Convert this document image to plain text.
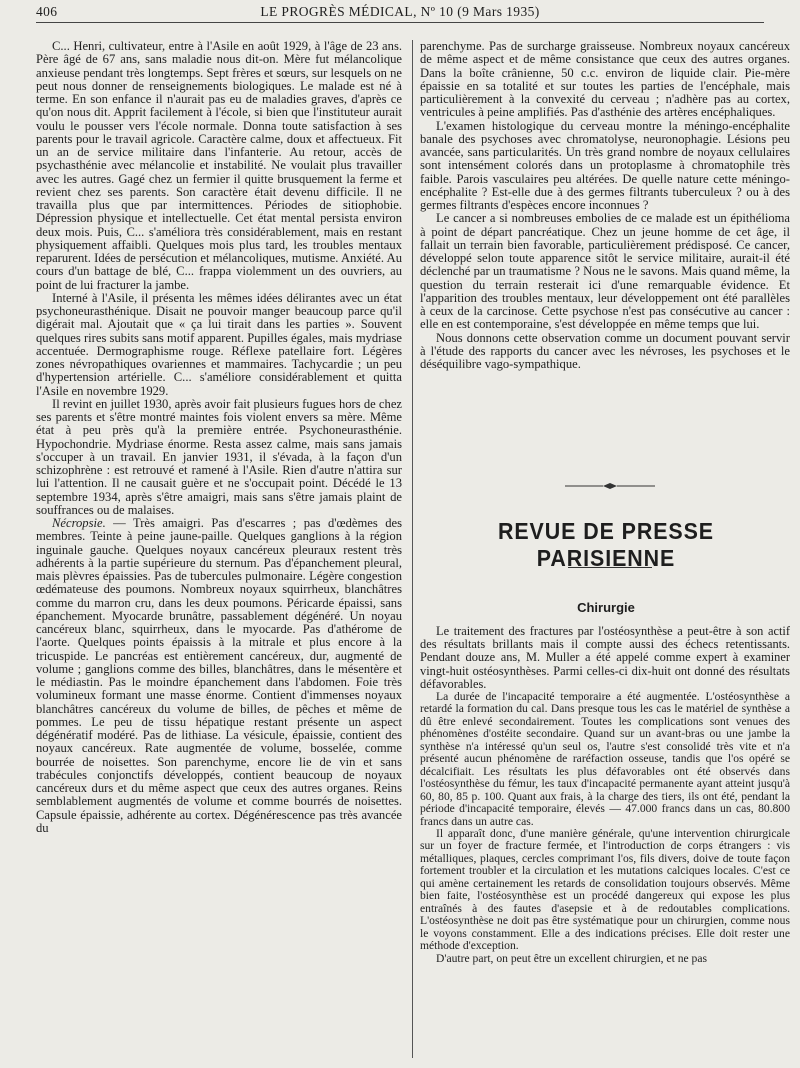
406	LE PROGRÈS MÉDICAL, Nº 10 (9 Mars 1935)

C... Henri, cultivateur, entre à l'Asile en août 1929, à l'âge de 23 ans. Père âgé de 67 ans, sans maladie nous dit-on. Mère fut mélancolique anxieuse pendant très longtemps. Sept frères et sœurs, sur lesquels on ne peut nous donner de renseignements biologiques. Le malade est né à terme. En son enfance il n'aurait pas eu de maladies graves, d'après ce qu'on nous dit. Apprit facilement à l'école, si bien que l'instituteur aurait voulu le pousser vers l'école normale. Donna toute satisfaction à ses parents pour le travail agricole. Caractère calme, doux et affectueux. Fit un an de service militaire dans l'infanterie. Au retour, accès de psychasthénie avec mélancolie et instabilité. Ne voulait plus travailler avec les autres. Gagé chez un fermier il quitte brusquement la ferme et revient chez ses parents. Son caractère était devenu difficile. Il ne travailla plus que par intermittences. Périodes de sitiophobie. Dépression physique et intellectuelle. Cet état mental persista environ deux mois. Puis, C... s'améliora très considérablement, mais en restant physiquement affaibli. Quelques mois plus tard, les troubles mentaux reparurent. Idées de persécution et mélancoliques, mutisme. Anxiété. Au cours d'un battage de blé, C... frappa violemment un des ouvriers, au point de lui fracturer la jambe.

Interné à l'Asile, il présenta les mêmes idées délirantes avec un état psychoneurasthénique. Disait ne pouvoir manger beaucoup parce qu'il digérait mal. Ajoutait que « ça lui tirait dans les parties ». Souvent quelques rires subits sans motif apparent. Pupilles égales, mais mydriase accentuée. Dermographisme rouge. Réflexe patellaire fort. Légères zones névropathiques ovariennes et mammaires. Tachycardie ; un peu d'hypertension artérielle. C... s'améliore considérablement et quitta l'Asile en novembre 1929.

Il revint en juillet 1930, après avoir fait plusieurs fugues hors de chez ses parents et s'être montré maintes fois violent envers sa mère. Même état à peu près qu'à la première entrée. Psychoneurasthénie. Hypochondrie. Mydriase énorme. Resta assez calme, mais sans jamais s'occuper à un travail. En janvier 1931, il s'évada, à la façon d'un schizophrène : est retrouvé et ramené à l'Asile. Rien d'autre n'attira sur lui l'attention. Il ne causait guère et ne s'occupait point. Décédé le 13 septembre 1934, après s'être amaigri, mais sans s'être jamais plaint de souffrances ou de malaises.

Nécropsie. — Très amaigri. Pas d'escarres ; pas d'œdèmes des membres. Teinte à peine jaune-paille. Quelques ganglions à la région inguinale gauche. Quelques noyaux cancéreux pleuraux restent très adhérents à la partie supérieure du sternum. Pas d'épanchement pleural, mais plèvres épaissies. Pas de tubercules pulmonaire. Légère congestion œdémateuse des poumons. Nombreux noyaux squirrheux, blanchâtres comme du marron cru, dans les deux poumons. Péricarde épaissi, sans épanchement. Myocarde brunâtre, passablement dégénéré. Un noyau cancéreux blanc, squirrheux, dans le myocarde. Pas d'athérome de l'aorte. Quelques points épaissis à la mitrale et plus encore à la tricuspide. Le pancréas est entièrement cancéreux, dur, augmenté de volume ; ganglions comme des billes, blanchâtres, dans le mésentère et le médiastin. Pas le moindre épanchement dans l'abdomen. Foie très volumineux formant une masse énorme. Contient d'immenses noyaux blanchâtres cancéreux du volume de billes, de pêches et même de pommes. Le peu de tissu hépatique restant présente un aspect dégénératif modéré. Pas de lithiase. La vésicule, épaissie, contient des noyaux cancéreux. Rate augmentée de volume, bosselée, comme bourrée de noisettes. Son parenchyme, encore lie de vin et sans trabécules conjonctifs développés, contient beaucoup de noyaux cancéreux durs et du même aspect que ceux des autres organes. Reins semblablement augmentés de volume et comme bourrés de noisettes. Capsule épaissie, adhérente au cortex. Dégénérescence pas très avancée du

parenchyme. Pas de surcharge graisseuse. Nombreux noyaux cancéreux de même aspect et de même consistance que ceux des autres organes. Dans la boîte crânienne, 50 c.c. environ de liquide clair. Pie-mère épaissie en sa totalité et sur toutes les parties de l'encéphale, mais particulièrement à la convexité du cerveau ; n'adhère pas au cortex, ventricules à peine amplifiés. Pas d'asthénie des artères encéphaliques.

L'examen histologique du cerveau montre la méningo-encéphalite banale des psychoses avec chromatolyse, neuronophagie. Lésions peu avancée, sans particularités. Un très grand nombre de noyaux cellulaires sont intensément colorés dans un protoplasme à chromatophile très faible. Parois vasculaires peu altérées. De quelle nature cette méningo-encéphalite ? Est-elle due à des germes filtrants tuberculeux ? ou à des germes filtrants d'espèces encore inconnues ?

Le cancer a si nombreuses embolies de ce malade est un épithélioma à point de départ pancréatique. Chez un jeune homme de cet âge, il fallait un terrain bien favorable, particulièrement prédisposé. Ce cancer, développé selon toute apparence sitôt le service militaire, aurait-il été déclenché par un traumatisme ? Nous ne le savons. Mais quand même, la question du terrain resterait ici d'une remarquable évidence. Et l'apparition des troubles mentaux, leur développement ont été parallèles à ceux de la carcinose. Cette psychose n'est pas consécutive au cancer : elle en est contemporaine, s'est développée en même temps que lui.

Nous donnons cette observation comme un document pouvant servir à l'étude des rapports du cancer avec les névroses, les psychoses et le déséquilibre vago-sympathique.

REVUE DE PRESSE PARISIENNE
Chirurgie

Le traitement des fractures par l'ostéosynthèse a peut-être à son actif des résultats brillants mais il compte aussi des échecs retentissants. Pendant douze ans, M. Muller a été appelé comme expert à examiner vingt-huit ostéosynthèses. Parmi celles-ci dix-huit ont donné des résultats défavorables.

La durée de l'incapacité temporaire a été augmentée. L'ostéosynthèse a retardé la formation du cal. Dans presque tous les cas le matériel de synthèse a dû être enlevé secondairement. Toutes les complications sont venues des phénomènes d'ostéite secondaire. Quand sur un avant-bras ou une jambe la synthèse n'a intéressé qu'un seul os, l'autre s'est consolidé très vite et n'a présenté aucun phénomène de raréfaction osseuse, tandis que l'os opéré se décalcifiait. Les résultats les plus défavorables ont été observés dans l'ostéosynthèse du fémur, les taux d'incapacité permanente ayant atteint jusqu'à 60, 80, 85 p. 100. Quant aux frais, à la charge des tiers, ils ont été, pendant la période d'incapacité temporaire, élevés — 47.000 francs dans un cas, 80.800 francs dans un autre cas.

Il apparaît donc, d'une manière générale, qu'une intervention chirurgicale sur un foyer de fracture fermée, et l'introduction de corps étrangers : vis métalliques, plaques, cercles comprimant l'os, fils divers, doive de toute façon fortement troubler et la circulation et les mutations calciques locales. C'est ce qui amène certainement les retards de consolidation toujours observés. Même bien faite, l'ostéosynthèse est un procédé dangereux qui expose les plus entraînés à des fautes d'asepsie et à de redoutables complications. L'ostéosynthèse ne doit pas être systématique pour un chirurgien, comme nous le voyons constamment. Elle a des indications précises. Elle doit rester une méthode d'exception.

D'autre part, on peut être un excellent chirurgien, et ne pas
